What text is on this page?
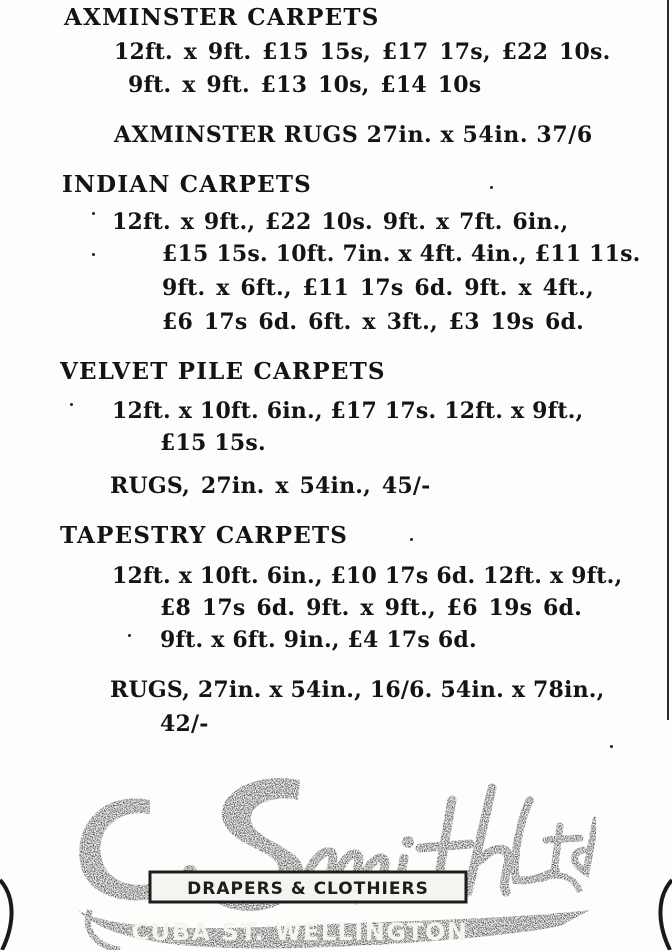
AXMINSTER CARPETS
12ft. x 9ft. £15 15s, £17 17s, £22 10s.
9ft. x 9ft. £13 10s, £14 10s
AXMINSTER RUGS 27in. x 54in. 37/6
INDIAN CARPETS
12ft. x 9ft., £22 10s. 9ft. x 7ft. 6in.,
£15 15s. 10ft. 7in. x 4ft. 4in., £11 11s.
9ft. x 6ft., £11 17s 6d. 9ft. x 4ft.,
£6 17s 6d. 6ft. x 3ft., £3 19s 6d.
VELVET PILE CARPETS
12ft. x 10ft. 6in., £17 17s. 12ft. x 9ft.,
£15 15s.
RUGS, 27in. x 54in., 45/-
TAPESTRY CARPETS
12ft. x 10ft. 6in., £10 17s 6d. 12ft. x 9ft.,
£8 17s 6d. 9ft. x 9ft., £6 19s 6d.
9ft. x 6ft. 9in., £4 17s 6d.
RUGS, 27in. x 54in., 16/6. 54in. x 78in.,
42/-
DRAPERS & CLOTHIERS
CUBA ST. WELLINGTON
